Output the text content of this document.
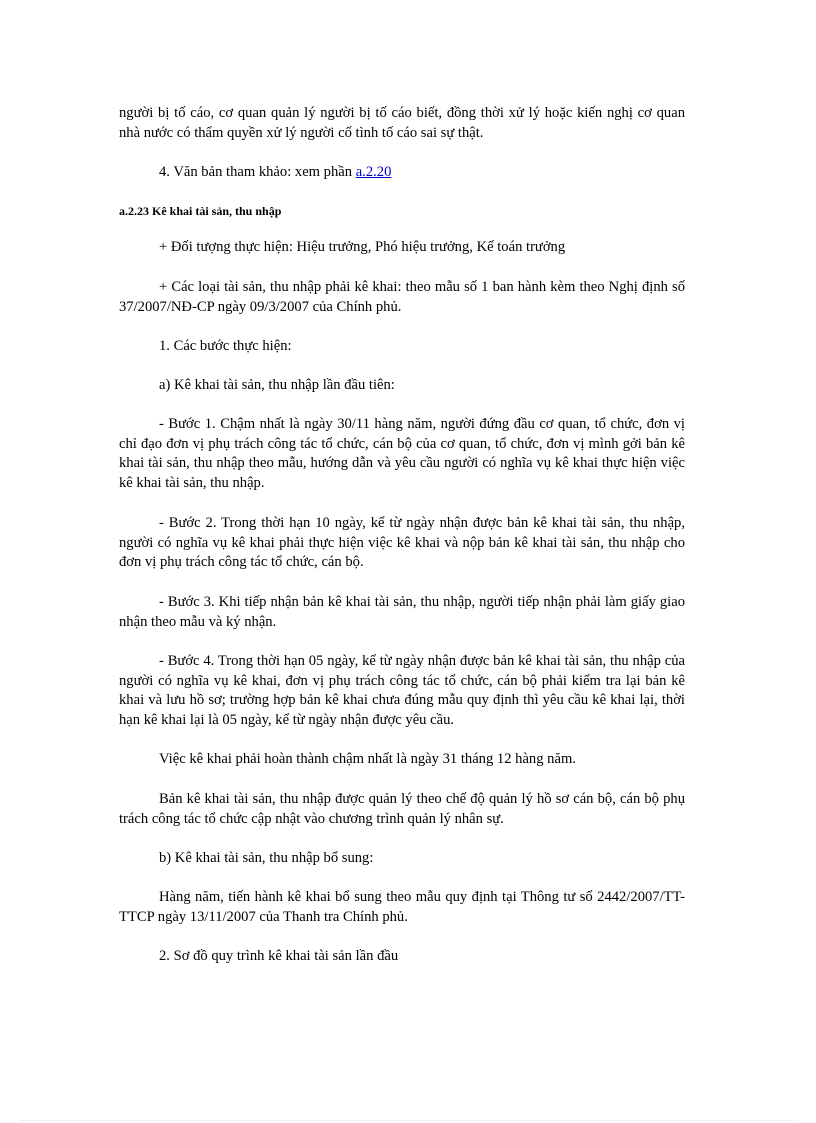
người bị tố cáo, cơ quan quản lý người bị tố cáo biết, đồng thời xử lý hoặc kiến nghị cơ quan nhà nước có thẩm quyền xử lý người cố tình tố cáo sai sự thật.

4. Văn bản tham khảo: xem phần a.2.20

a.2.23 Kê khai tài sản, thu nhập

+ Đối tượng thực hiện: Hiệu trưởng, Phó hiệu trưởng, Kế toán trưởng

+ Các loại tài sản, thu nhập phải kê khai: theo mẫu số 1 ban hành kèm theo Nghị định số 37/2007/NĐ-CP ngày 09/3/2007 của Chính phủ.

1. Các bước thực hiện:

a) Kê khai tài sản, thu nhập lần đầu tiên:

- Bước 1. Chậm nhất là ngày 30/11 hàng năm, người đứng đầu cơ quan, tổ chức, đơn vị chỉ đạo đơn vị phụ trách công tác tổ chức, cán bộ của cơ quan, tổ chức, đơn vị mình gởi bản kê khai tài sản, thu nhập theo mẫu, hướng dẫn và yêu cầu người có nghĩa vụ kê khai thực hiện việc kê khai tài sản, thu nhập.

- Bước 2. Trong thời hạn 10 ngày, kể từ ngày nhận được bản kê khai tài sản, thu nhập, người có nghĩa vụ kê khai phải thực hiện việc kê khai và nộp bản kê khai tài sản, thu nhập cho đơn vị phụ trách công tác tổ chức, cán bộ.

- Bước 3. Khi tiếp nhận bản kê khai tài sản, thu nhập, người tiếp nhận phải làm giấy giao nhận theo mẫu và ký nhận.

- Bước 4. Trong thời hạn 05 ngày, kể từ ngày nhận được bản kê khai tài sản, thu nhập của người có nghĩa vụ kê khai, đơn vị phụ trách công tác tổ chức, cán bộ phải kiểm tra lại bản kê khai và lưu hồ sơ; trường hợp bản kê khai chưa đúng mẫu quy định thì yêu cầu kê khai lại, thời hạn kê khai lại là 05 ngày, kể từ ngày nhận được yêu cầu.

Việc kê khai phải hoàn thành chậm nhất là ngày 31 tháng 12 hàng năm.

Bản kê khai tài sản, thu nhập được quản lý theo chế độ quản lý hồ sơ cán bộ, cán bộ phụ trách công tác tổ chức cập nhật vào chương trình quản lý nhân sự.

b) Kê khai tài sản, thu nhập bổ sung:

Hàng năm, tiến hành kê khai bổ sung theo mẫu quy định tại Thông tư số 2442/2007/TT-TTCP ngày 13/11/2007 của Thanh tra Chính phủ.

2. Sơ đồ quy trình kê khai tài sản lần đầu
